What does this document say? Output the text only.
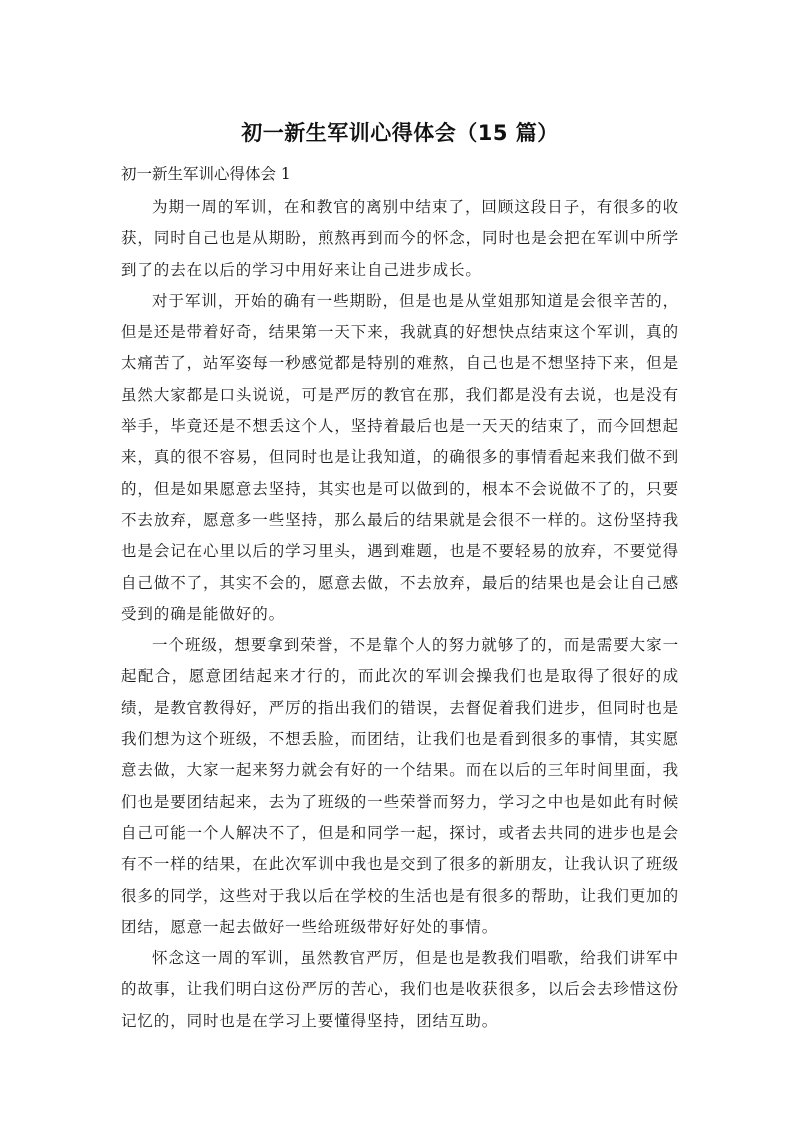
初一新生军训心得体会（15 篇）
初一新生军训心得体会 1

为期一周的军训，在和教官的离别中结束了，回顾这段日子，有很多的收获，同时自己也是从期盼，煎熬再到而今的怀念，同时也是会把在军训中所学到了的去在以后的学习中用好来让自己进步成长。

对于军训，开始的确有一些期盼，但是也是从堂姐那知道是会很辛苦的，但是还是带着好奇，结果第一天下来，我就真的好想快点结束这个军训，真的太痛苦了，站军姿每一秒感觉都是特别的难熬，自己也是不想坚持下来，但是虽然大家都是口头说说，可是严厉的教官在那，我们都是没有去说，也是没有举手，毕竟还是不想丢这个人，坚持着最后也是一天天的结束了，而今回想起来，真的很不容易，但同时也是让我知道，的确很多的事情看起来我们做不到的，但是如果愿意去坚持，其实也是可以做到的，根本不会说做不了的，只要不去放弃，愿意多一些坚持，那么最后的结果就是会很不一样的。这份坚持我也是会记在心里以后的学习里头，遇到难题，也是不要轻易的放弃，不要觉得自己做不了，其实不会的，愿意去做，不去放弃，最后的结果也是会让自己感受到的确是能做好的。

一个班级，想要拿到荣誉，不是靠个人的努力就够了的，而是需要大家一起配合，愿意团结起来才行的，而此次的军训会操我们也是取得了很好的成绩，是教官教得好，严厉的指出我们的错误，去督促着我们进步，但同时也是我们想为这个班级，不想丢脸，而团结，让我们也是看到很多的事情，其实愿意去做，大家一起来努力就会有好的一个结果。而在以后的三年时间里面，我们也是要团结起来，去为了班级的一些荣誉而努力，学习之中也是如此有时候自己可能一个人解决不了，但是和同学一起，探讨，或者去共同的进步也是会有不一样的结果，在此次军训中我也是交到了很多的新朋友，让我认识了班级很多的同学，这些对于我以后在学校的生活也是有很多的帮助，让我们更加的团结，愿意一起去做好一些给班级带好好处的事情。

怀念这一周的军训，虽然教官严厉，但是也是教我们唱歌，给我们讲军中的故事，让我们明白这份严厉的苦心，我们也是收获很多，以后会去珍惜这份记忆的，同时也是在学习上要懂得坚持，团结互助。
